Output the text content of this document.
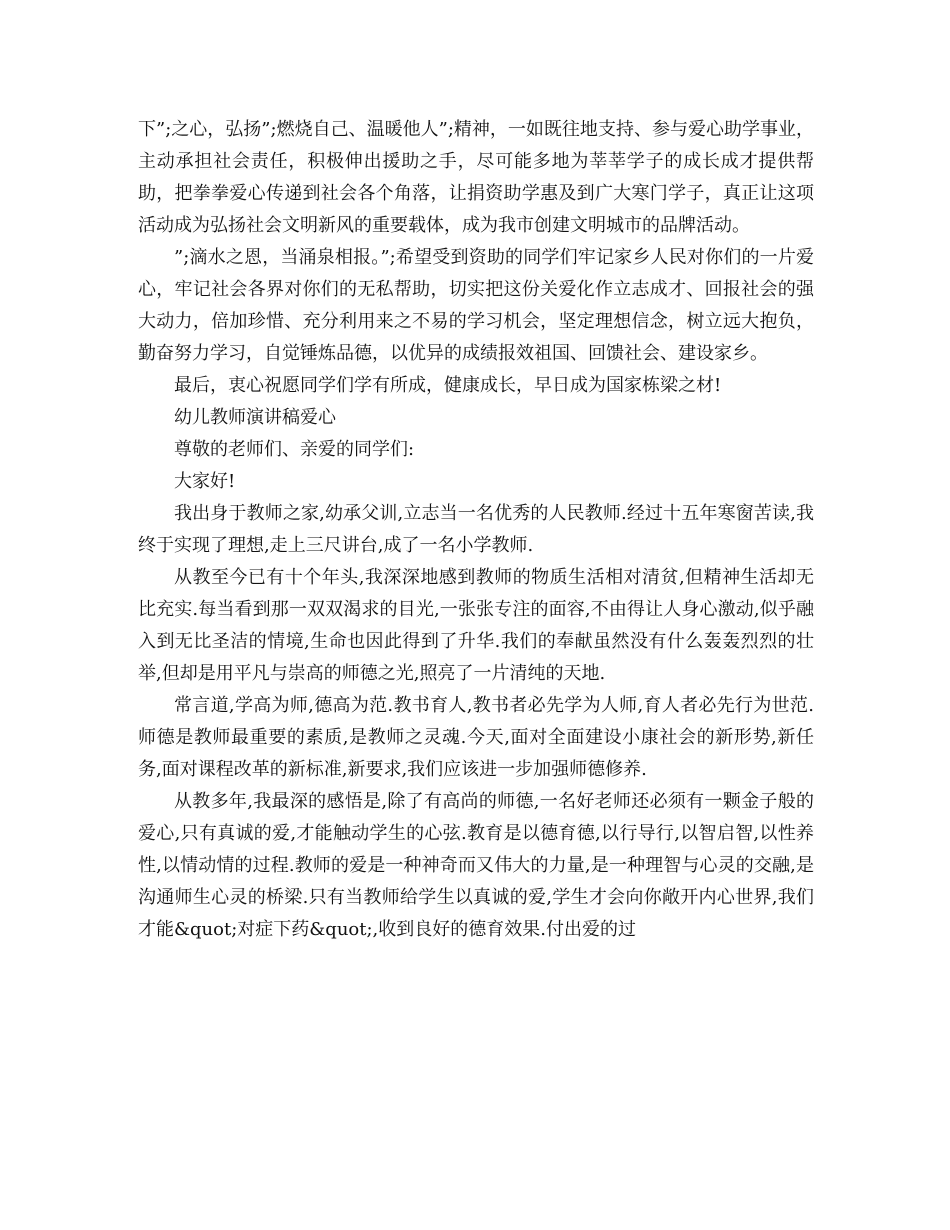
下”;之心，弘扬”;燃烧自己、温暖他人”;精神，一如既往地支持、参与爱心助学事业，主动承担社会责任，积极伸出援助之手，尽可能多地为莘莘学子的成长成才提供帮助，把拳拳爱心传递到社会各个角落，让捐资助学惠及到广大寒门学子，真正让这项活动成为弘扬社会文明新风的重要载体，成为我市创建文明城市的品牌活动。

”;滴水之恩，当涌泉相报。”;希望受到资助的同学们牢记家乡人民对你们的一片爱心，牢记社会各界对你们的无私帮助，切实把这份关爱化作立志成才、回报社会的强大动力，倍加珍惜、充分利用来之不易的学习机会，坚定理想信念，树立远大抱负，勤奋努力学习，自觉锤炼品德，以优异的成绩报效祖国、回馈社会、建设家乡。

最后，衷心祝愿同学们学有所成，健康成长，早日成为国家栋梁之材!

幼儿教师演讲稿爱心

尊敬的老师们、亲爱的同学们:

大家好!

我出身于教师之家,幼承父训,立志当一名优秀的人民教师.经过十五年寒窗苦读,我终于实现了理想,走上三尺讲台,成了一名小学教师.

从教至今已有十个年头,我深深地感到教师的物质生活相对清贫,但精神生活却无比充实.每当看到那一双双渴求的目光,一张张专注的面容,不由得让人身心激动,似乎融入到无比圣洁的情境,生命也因此得到了升华.我们的奉献虽然没有什么轰轰烈烈的壮举,但却是用平凡与崇高的师德之光,照亮了一片清纯的天地.

常言道,学高为师,德高为范.教书育人,教书者必先学为人师,育人者必先行为世范.师德是教师最重要的素质,是教师之灵魂.今天,面对全面建设小康社会的新形势,新任务,面对课程改革的新标准,新要求,我们应该进一步加强师德修养.

从教多年,我最深的感悟是,除了有高尚的师德,一名好老师还必须有一颗金子般的爱心,只有真诚的爱,才能触动学生的心弦.教育是以德育德,以行导行,以智启智,以性养性,以情动情的过程.教师的爱是一种神奇而又伟大的力量,是一种理智与心灵的交融,是沟通师生心灵的桥梁.只有当教师给学生以真诚的爱,学生才会向你敞开内心世界,我们才能&quot;对症下药&quot;,收到良好的德育效果.付出爱的过
